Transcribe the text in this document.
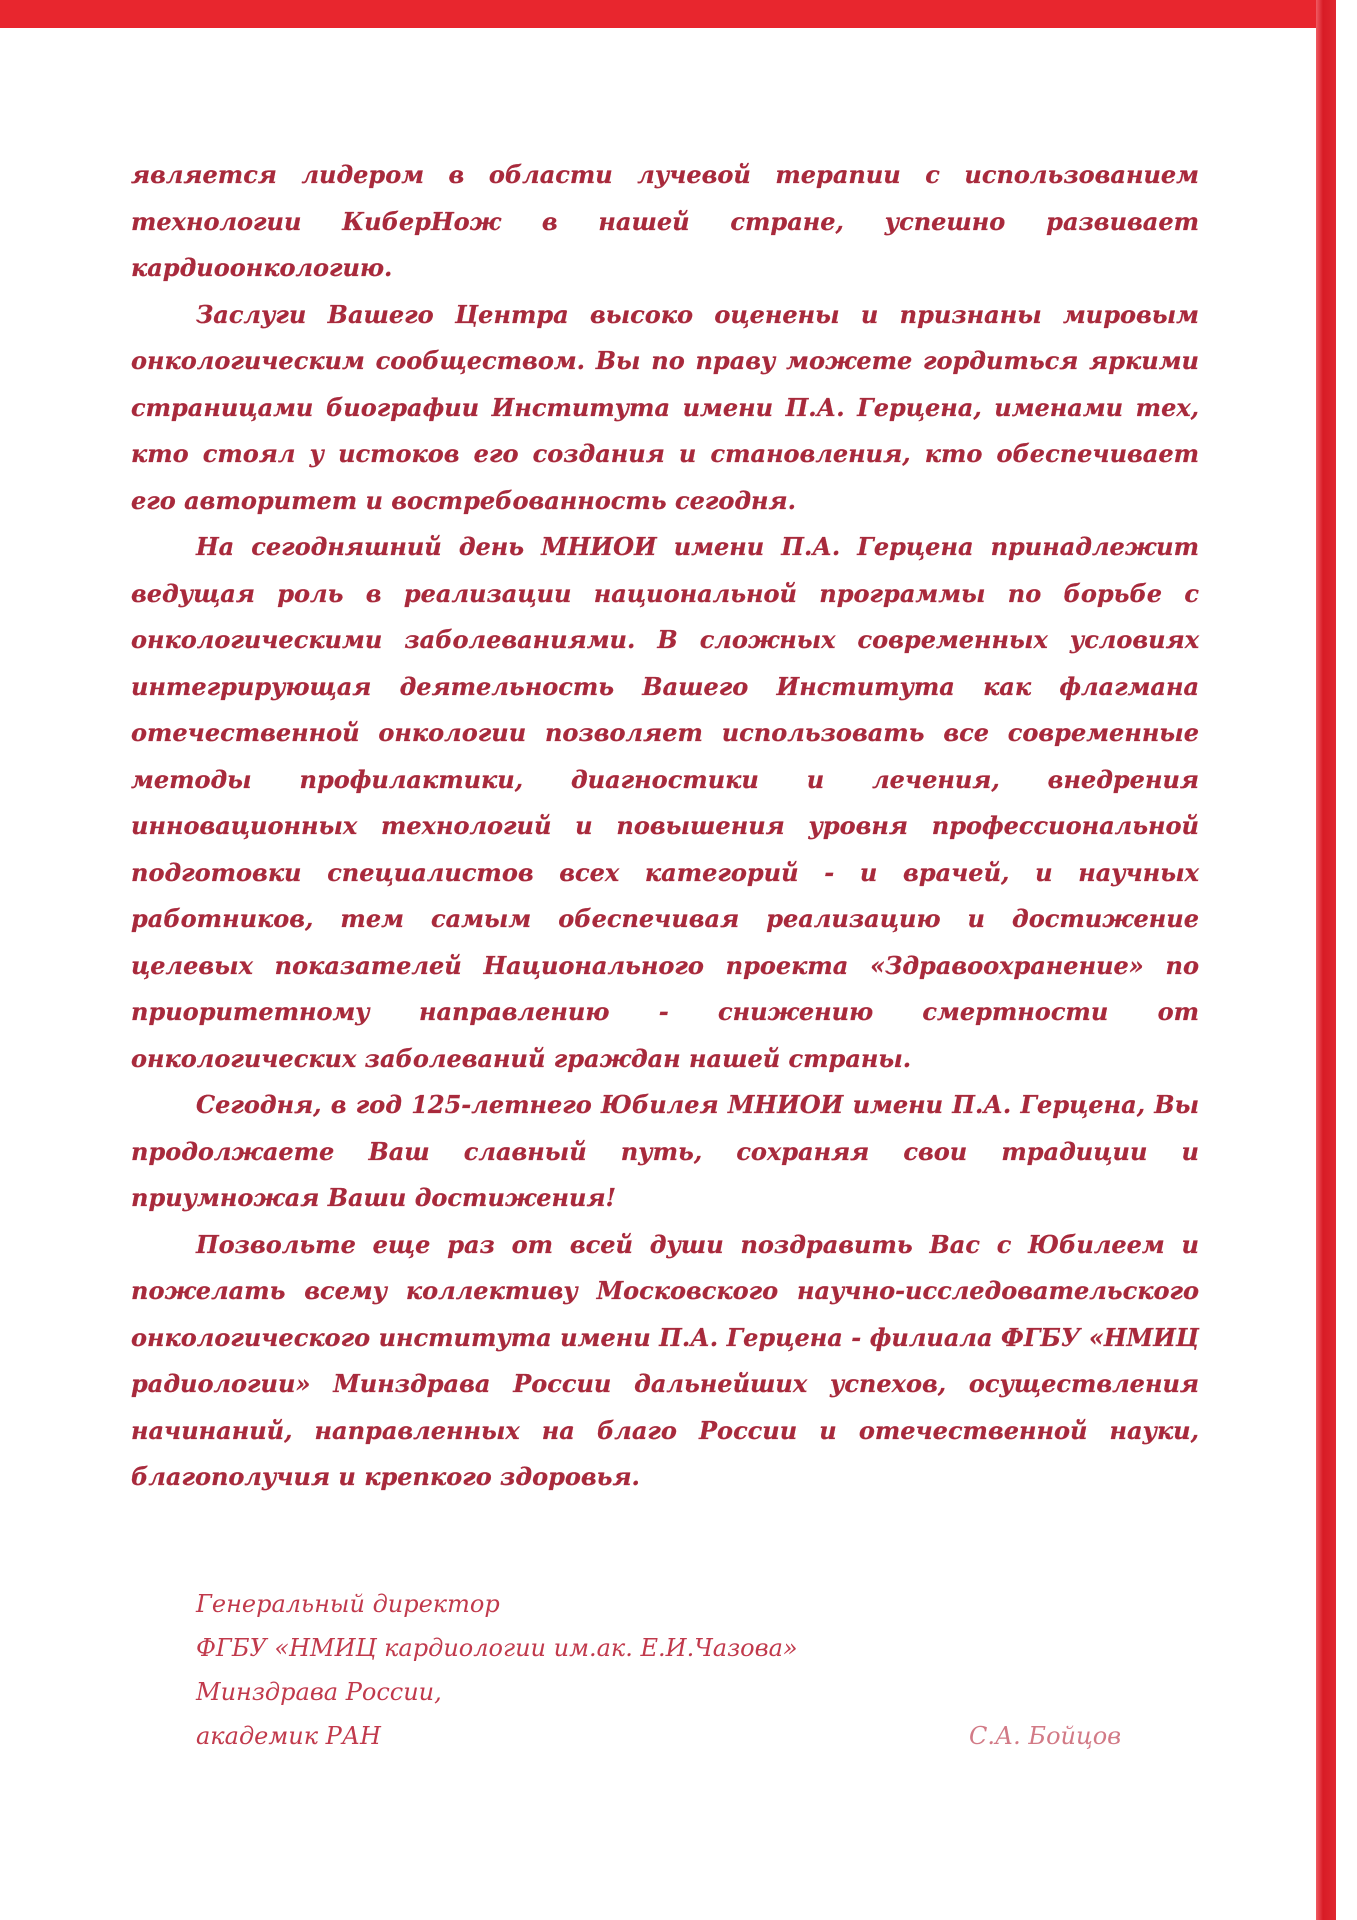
является лидером в области лучевой терапии с использованием технологии КиберНож в нашей стране, успешно развивает кардиоонкологию.

Заслуги Вашего Центра высоко оценены и признаны мировым онкологическим сообществом. Вы по праву можете гордиться яркими страницами биографии Института имени П.А. Герцена, именами тех, кто стоял у истоков его создания и становления, кто обеспечивает его авторитет и востребованность сегодня.

На сегодняшний день МНИОИ имени П.А. Герцена принадлежит ведущая роль в реализации национальной программы по борьбе с онкологическими заболеваниями. В сложных современных условиях интегрирующая деятельность Вашего Института как флагмана отечественной онкологии позволяет использовать все современные методы профилактики, диагностики и лечения, внедрения инновационных технологий и повышения уровня профессиональной подготовки специалистов всех категорий - и врачей, и научных работников, тем самым обеспечивая реализацию и достижение целевых показателей Национального проекта «Здравоохранение» по приоритетному направлению - снижению смертности от онкологических заболеваний граждан нашей страны.

Сегодня, в год 125-летнего Юбилея МНИОИ имени П.А. Герцена, Вы продолжаете Ваш славный путь, сохраняя свои традиции и приумножая Ваши достижения!

Позвольте еще раз от всей души поздравить Вас с Юбилеем и пожелать всему коллективу Московского научно-исследовательского онкологического института имени П.А. Герцена - филиала ФГБУ «НМИЦ радиологии» Минздрава России дальнейших успехов, осуществления начинаний, направленных на благо России и отечественной науки, благополучия и крепкого здоровья.

Генеральный директор
ФГБУ «НМИЦ кардиологии им.ак. Е.И.Чазова»
Минздрава России,
академик РАН	С.А. Бойцов
